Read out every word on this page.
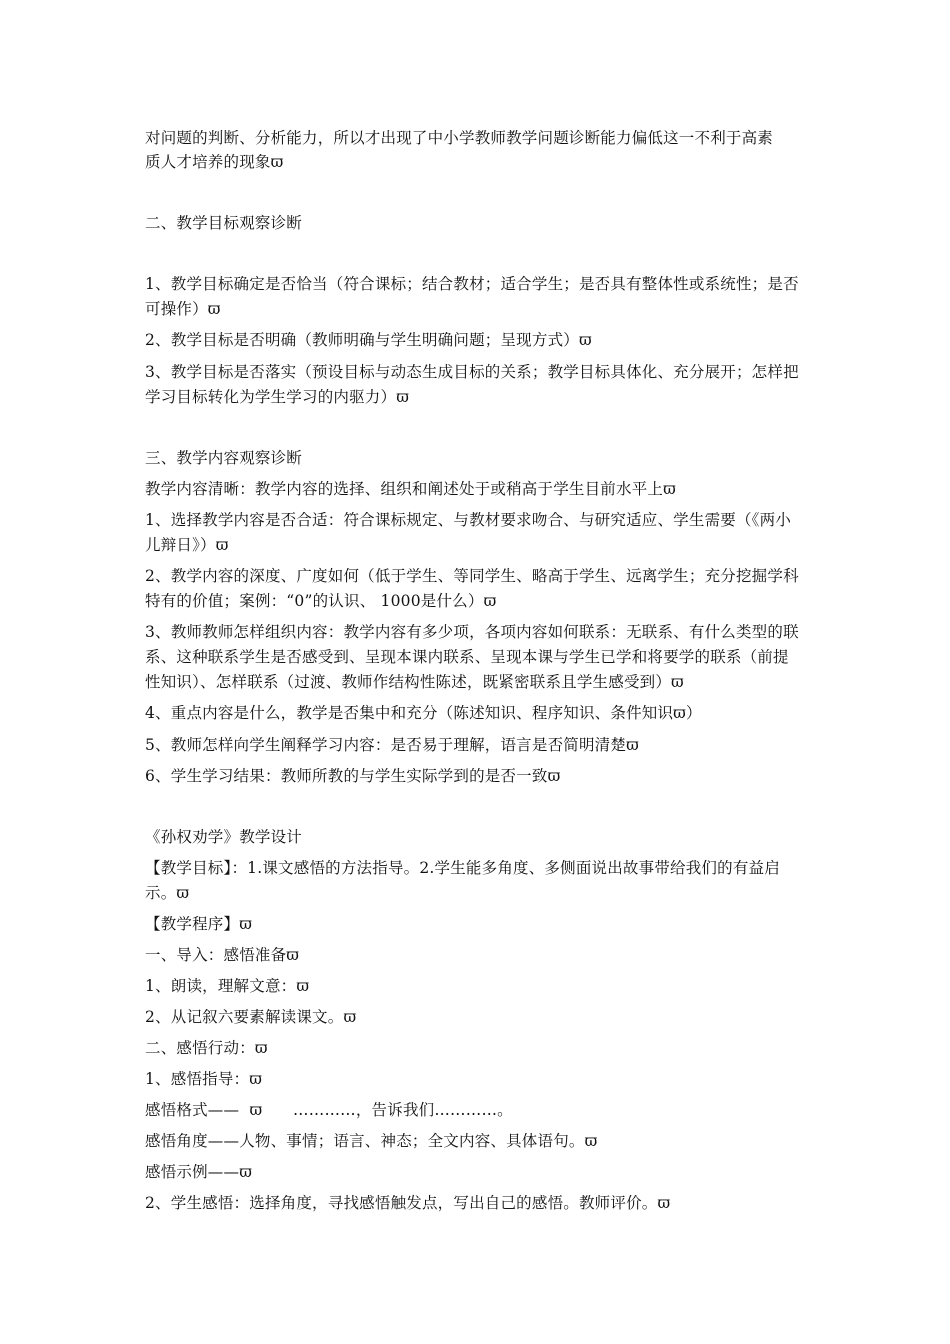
对问题的判断、分析能力，所以才出现了中小学教师教学问题诊断能力偏低这一不利于高素
质人才培养的现象ϖ
二、教学目标观察诊断
1、教学目标确定是否恰当（符合课标；结合教材；适合学生；是否具有整体性或系统性；是否
可操作）ϖ
2、教学目标是否明确（教师明确与学生明确问题；呈现方式）ϖ
3、教学目标是否落实（预设目标与动态生成目标的关系；教学目标具体化、充分展开；怎样把
学习目标转化为学生学习的内驱力）ϖ
三、教学内容观察诊断
教学内容清晰：教学内容的选择、组织和阐述处于或稍高于学生目前水平上ϖ
1、选择教学内容是否合适：符合课标规定、与教材要求吻合、与研究适应、学生需要（《两小
儿辩日》）ϖ
2、教学内容的深度、广度如何（低于学生、等同学生、略高于学生、远离学生；充分挖掘学科
特有的价值；案例：“0”的认识、 1000是什么）ϖ
3、教师教师怎样组织内容：教学内容有多少项，各项内容如何联系：无联系、有什么类型的联
系、这种联系学生是否感受到、呈现本课内联系、呈现本课与学生已学和将要学的联系（前提
性知识）、怎样联系（过渡、教师作结构性陈述，既紧密联系且学生感受到）ϖ
4、重点内容是什么，教学是否集中和充分（陈述知识、程序知识、条件知识ϖ）
5、教师怎样向学生阐释学习内容：是否易于理解，语言是否简明清楚ϖ
6、学生学习结果：教师所教的与学生实际学到的是否一致ϖ
《孙权劝学》教学设计
【教学目标】：1.课文感悟的方法指导。2.学生能多角度、多侧面说出故事带给我们的有益启
示。ϖ
【教学程序】ϖ
一、导入：感悟准备ϖ
1、朗读，理解文意：ϖ
2、从记叙六要素解读课文。ϖ
二、感悟行动：ϖ
1、感悟指导：ϖ
感悟格式——  ϖ      …………，告诉我们…………。
感悟角度——人物、事情；语言、神态；全文内容、具体语句。ϖ
感悟示例——ϖ
2、学生感悟：选择角度，寻找感悟触发点，写出自己的感悟。教师评价。ϖ
